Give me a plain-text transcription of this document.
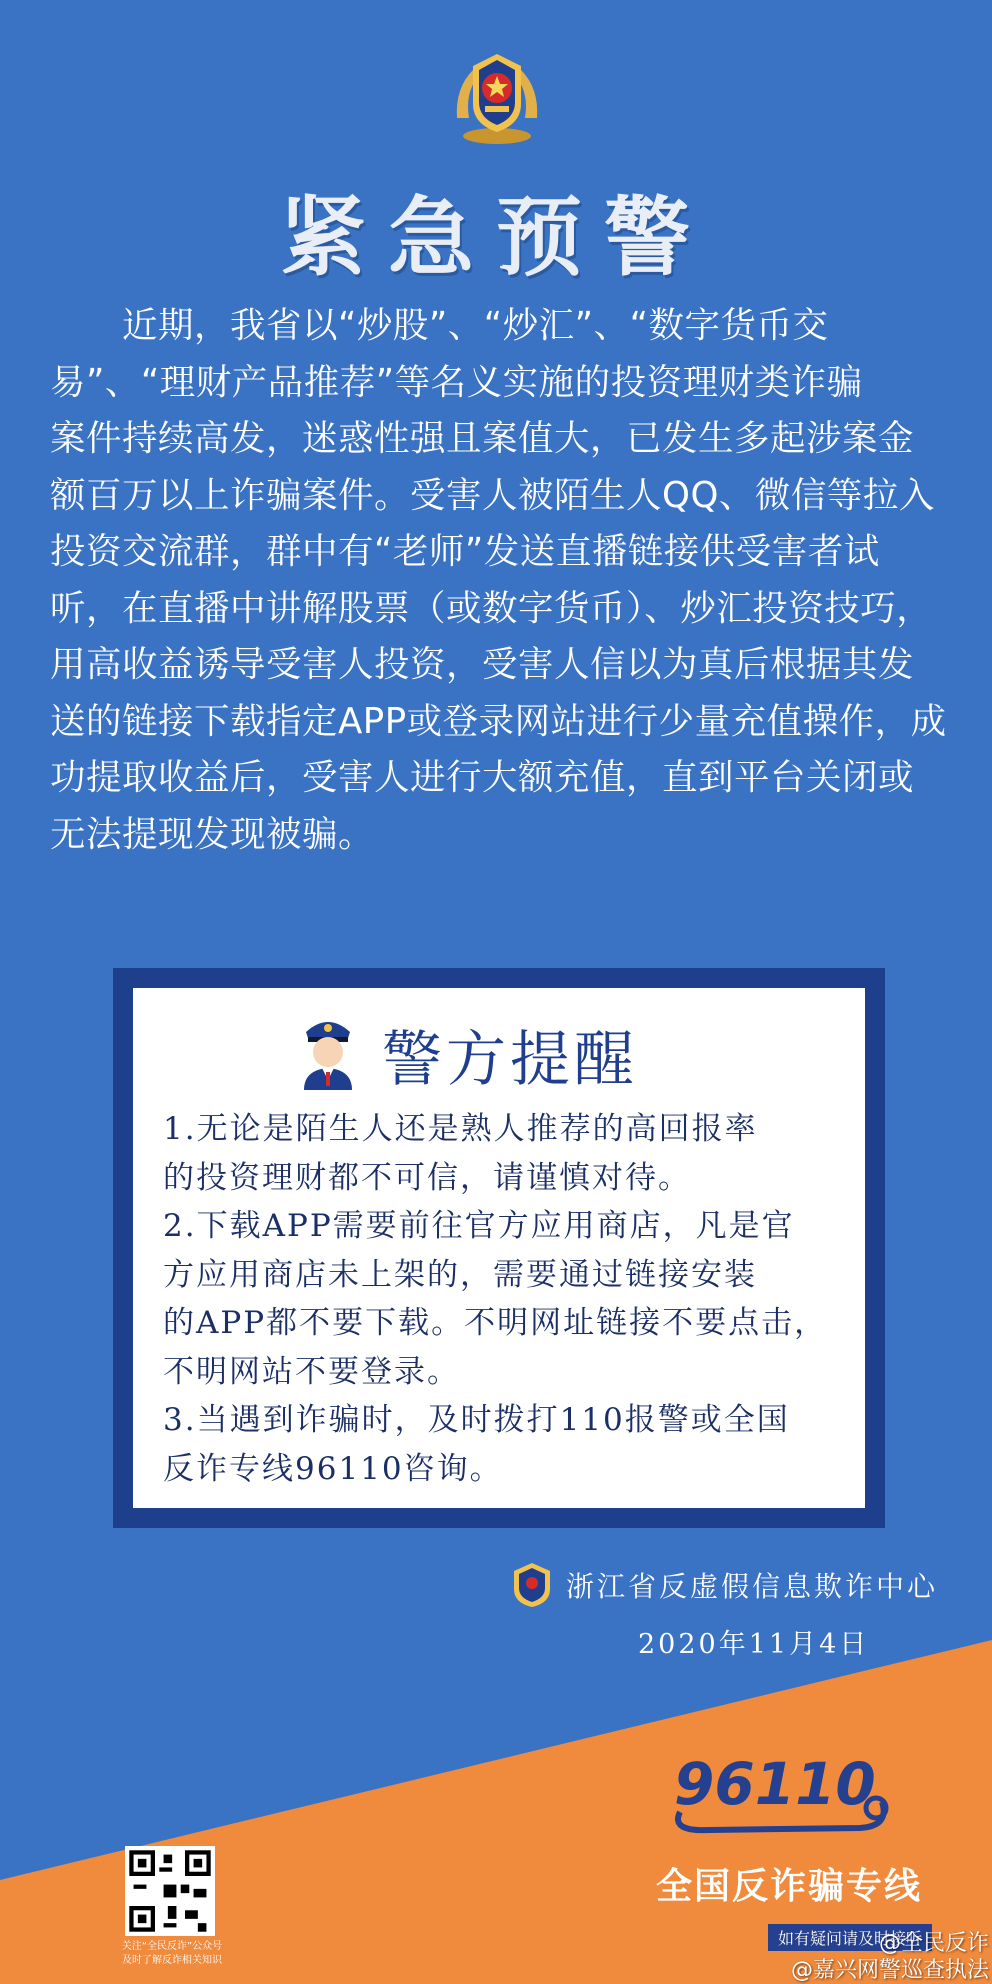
紧急预警
　　近期，我省以“炒股”、“炒汇”、“数字货币交
易”、“理财产品推荐”等名义实施的投资理财类诈骗
案件持续高发，迷惑性强且案值大，已发生多起涉案金
额百万以上诈骗案件。受害人被陌生人QQ、微信等拉入
投资交流群，群中有“老师”发送直播链接供受害者试
听，在直播中讲解股票（或数字货币）、炒汇投资技巧，
用高收益诱导受害人投资，受害人信以为真后根据其发
送的链接下载指定APP或登录网站进行少量充值操作，成
功提取收益后，受害人进行大额充值，直到平台关闭或
无法提现发现被骗。
警方提醒
1.无论是陌生人还是熟人推荐的高回报率
的投资理财都不可信，请谨慎对待。
2.下载APP需要前往官方应用商店，凡是官
方应用商店未上架的，需要通过链接安装
的APP都不要下载。不明网址链接不要点击，
不明网站不要登录。
3.当遇到诈骗时，及时拨打110报警或全国
反诈专线96110咨询。
浙江省反虚假信息欺诈中心
2020年11月4日
96110
全国反诈骗专线
如有疑问请及时接听
关注“全民反诈”公众号
及时了解反诈相关知识
@全民反诈
@嘉兴网警巡查执法
